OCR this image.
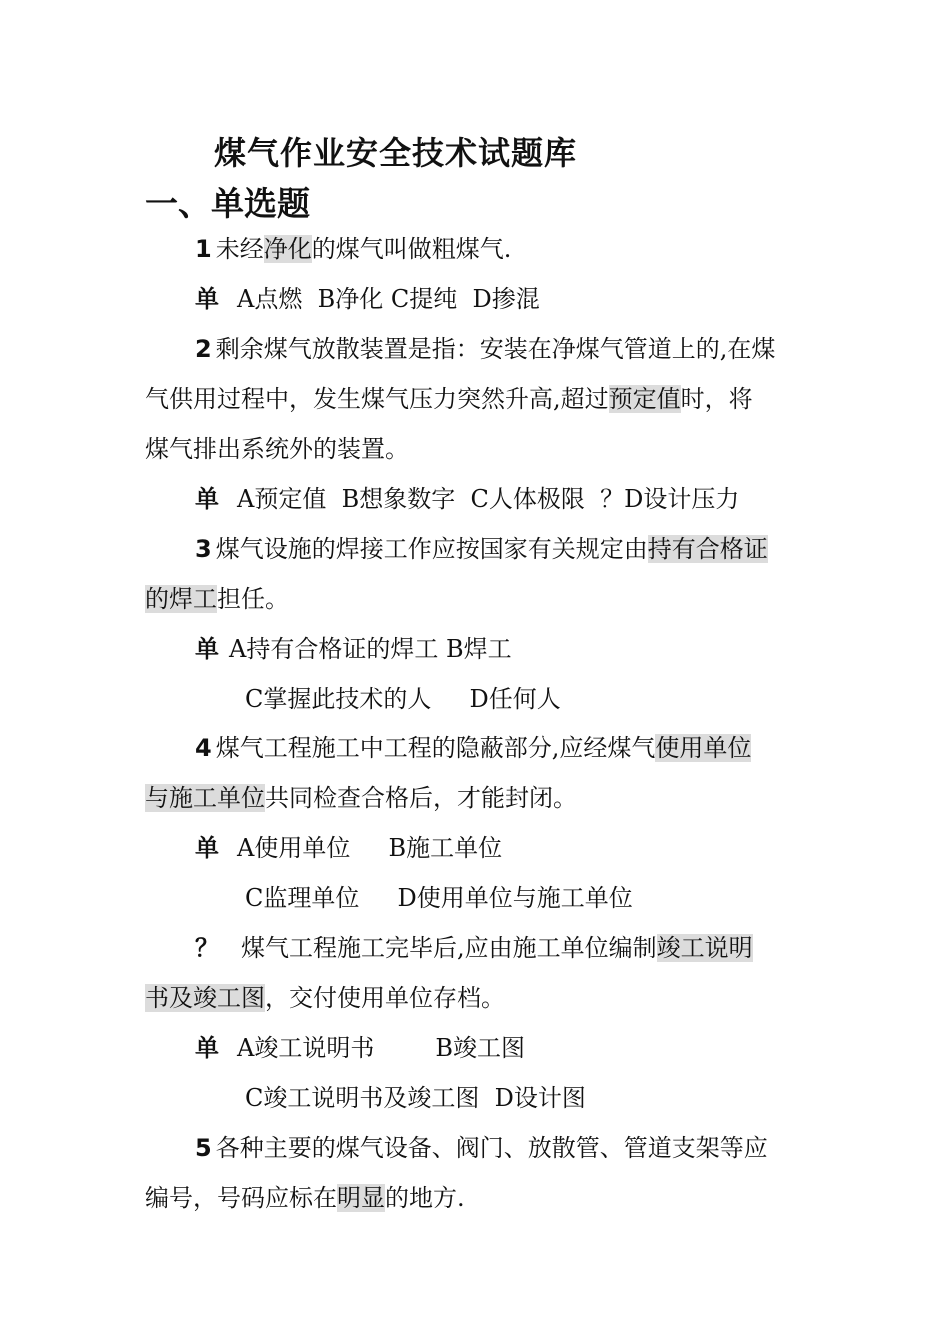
煤气作业安全技术试题库
一、单选题
1 未经净化的煤气叫做粗煤气.
单 A点燃  B净化 C提纯  D掺混
2 剩余煤气放散装置是指：安装在净煤气管道上的,在煤
气供用过程中，发生煤气压力突然升高,超过预定值时，将
煤气排出系统外的装置。
单 A预定值  B想象数字  C人体极限  ？D设计压力
3 煤气设施的焊接工作应按国家有关规定由持有合格证
的焊工担任。
单 A持有合格证的焊工 B焊工
C掌握此技术的人     D任何人
4 煤气工程施工中工程的隐蔽部分,应经煤气使用单位
与施工单位共同检查合格后，才能封闭。
单 A使用单位     B施工单位
C监理单位     D使用单位与施工单位
？ 煤气工程施工完毕后,应由施工单位编制竣工说明
书及竣工图，交付使用单位存档。
单 A竣工说明书        B竣工图
C竣工说明书及竣工图  D设计图
5 各种主要的煤气设备、阀门、放散管、管道支架等应
编号，号码应标在明显的地方.
